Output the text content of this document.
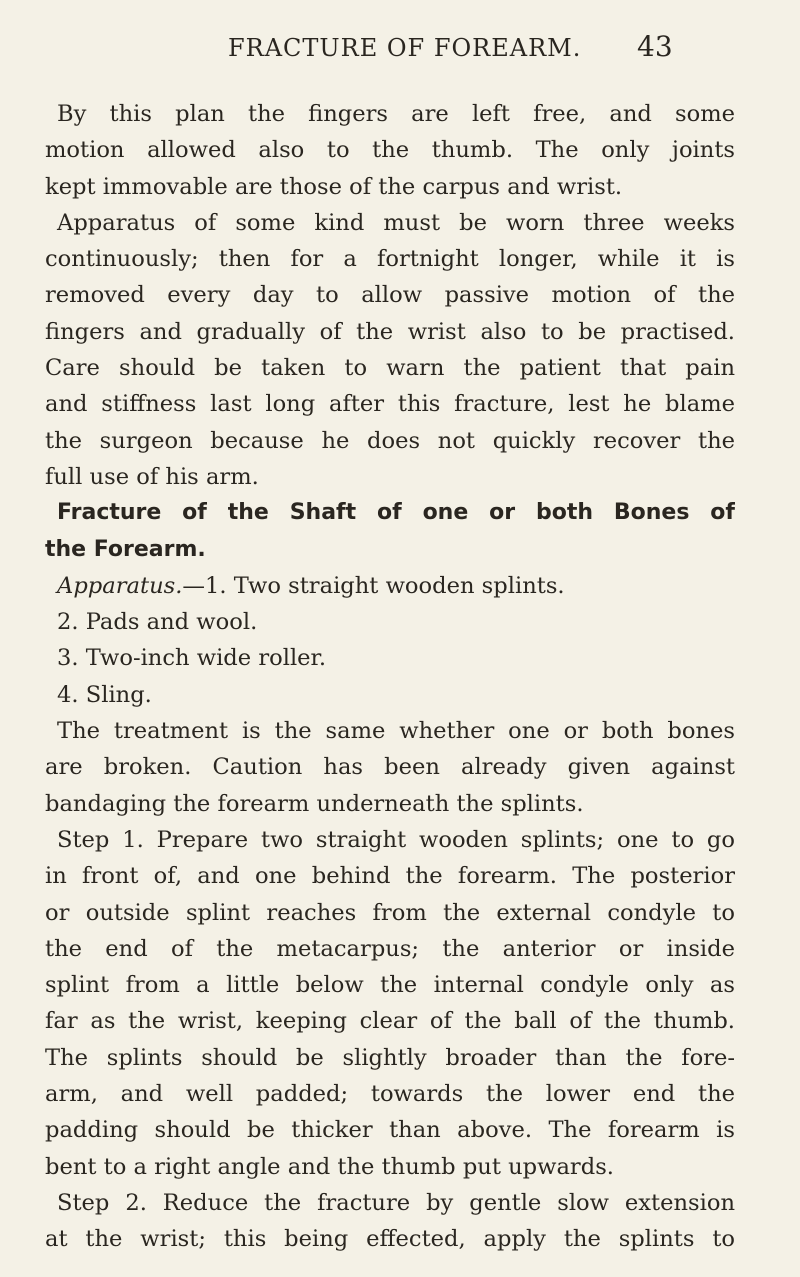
FRACTURE OF FOREARM. 43
By this plan the fingers are left free, and some
motion allowed also to the thumb. The only joints
kept immovable are those of the carpus and wrist.
Apparatus of some kind must be worn three weeks
continuously; then for a fortnight longer, while it is
removed every day to allow passive motion of the
fingers and gradually of the wrist also to be practised.
Care should be taken to warn the patient that pain
and stiffness last long after this fracture, lest he blame
the surgeon because he does not quickly recover the
full use of his arm.
Fracture of the Shaft of one or both Bones of
the Forearm.
Apparatus.—1. Two straight wooden splints.
2. Pads and wool.
3. Two-inch wide roller.
4. Sling.
The treatment is the same whether one or both bones
are broken. Caution has been already given against
bandaging the forearm underneath the splints.
Step 1. Prepare two straight wooden splints; one to go
in front of, and one behind the forearm. The posterior
or outside splint reaches from the external condyle to
the end of the metacarpus; the anterior or inside
splint from a little below the internal condyle only as
far as the wrist, keeping clear of the ball of the thumb.
The splints should be slightly broader than the fore-
arm, and well padded; towards the lower end the
padding should be thicker than above. The forearm is
bent to a right angle and the thumb put upwards.
Step 2. Reduce the fracture by gentle slow extension
at the wrist; this being effected, apply the splints to
